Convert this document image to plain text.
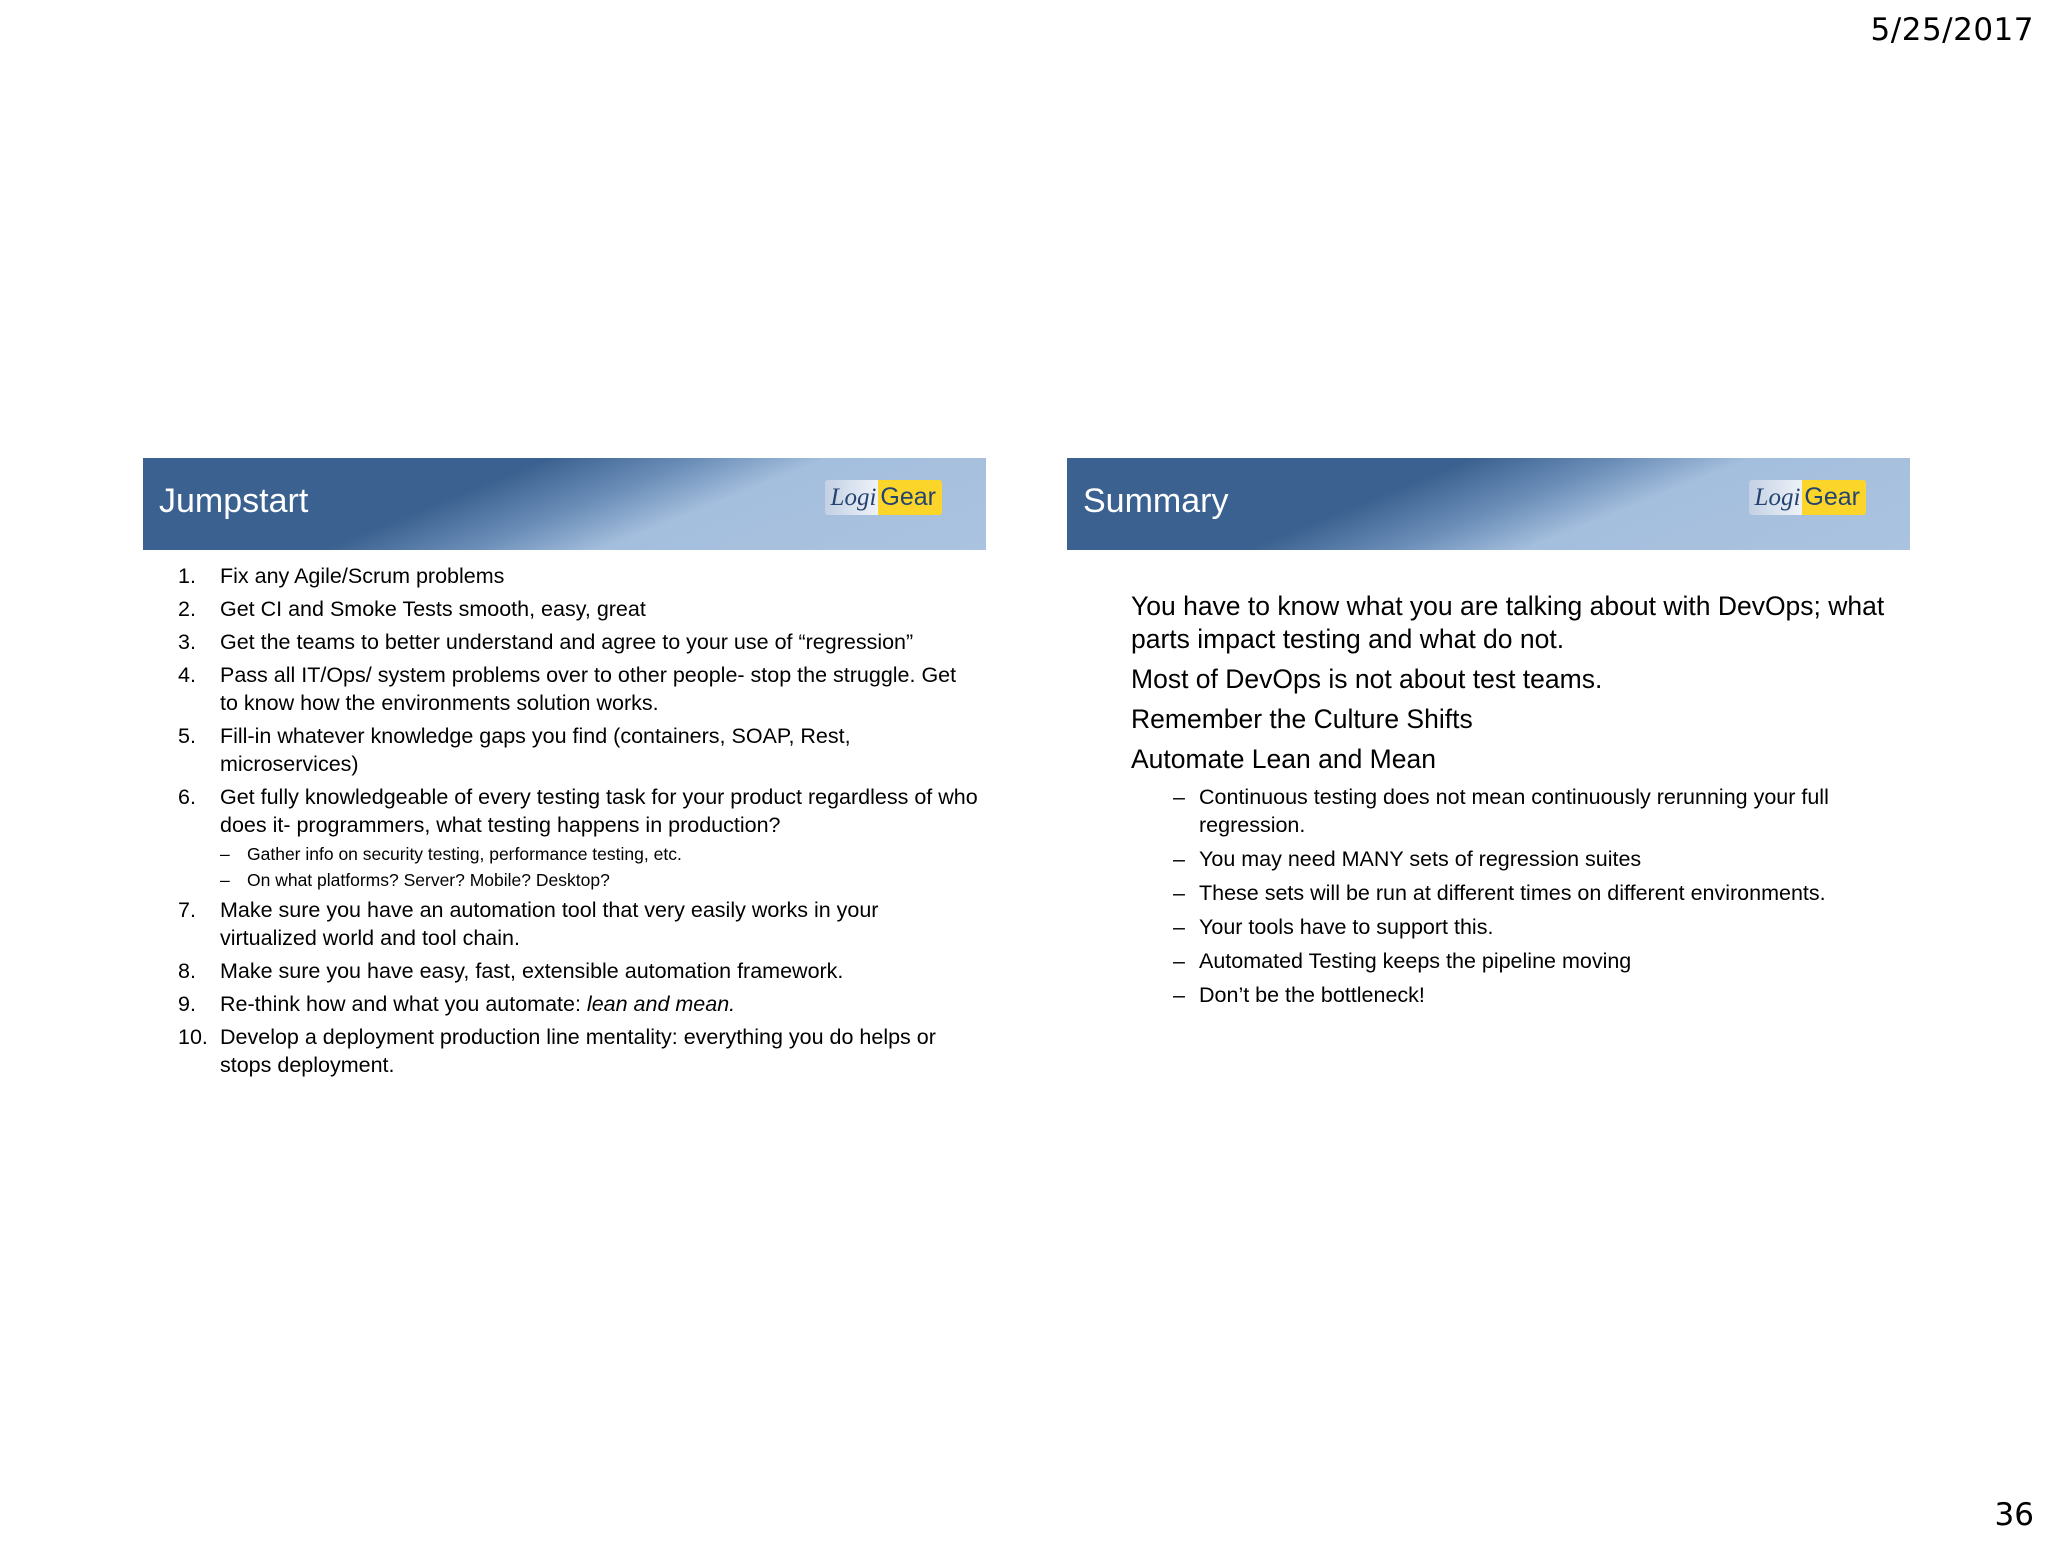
5/25/2017
Jumpstart	Logi Gear
1. Fix any Agile/Scrum problems
2. Get CI and Smoke Tests smooth, easy, great
3. Get the teams to better understand and agree to your use of “regression”
4. Pass all IT/Ops/ system problems over to other people- stop the struggle. Get to know how the environments solution works.
5. Fill-in whatever knowledge gaps you find (containers, SOAP, Rest, microservices)
6. Get fully knowledgeable of every testing task for your product regardless of who does it- programmers, what testing happens in production?
– Gather info on security testing, performance testing, etc.
– On what platforms? Server? Mobile? Desktop?
7. Make sure you have an automation tool that very easily works in your virtualized world and tool chain.
8. Make sure you have easy, fast, extensible automation framework.
9. Re-think how and what you automate: lean and mean.
10. Develop a deployment production line mentality: everything you do helps or stops deployment.
Summary	Logi Gear

You have to know what you are talking about with DevOps; what parts impact testing and what do not.

Most of DevOps is not about test teams.

Remember the Culture Shifts

Automate Lean and Mean

– Continuous testing does not mean continuously rerunning your full regression.
– You may need MANY sets of regression suites
– These sets will be run at different times on different environments.
– Your tools have to support this.
– Automated Testing keeps the pipeline moving
– Don’t be the bottleneck!
36
